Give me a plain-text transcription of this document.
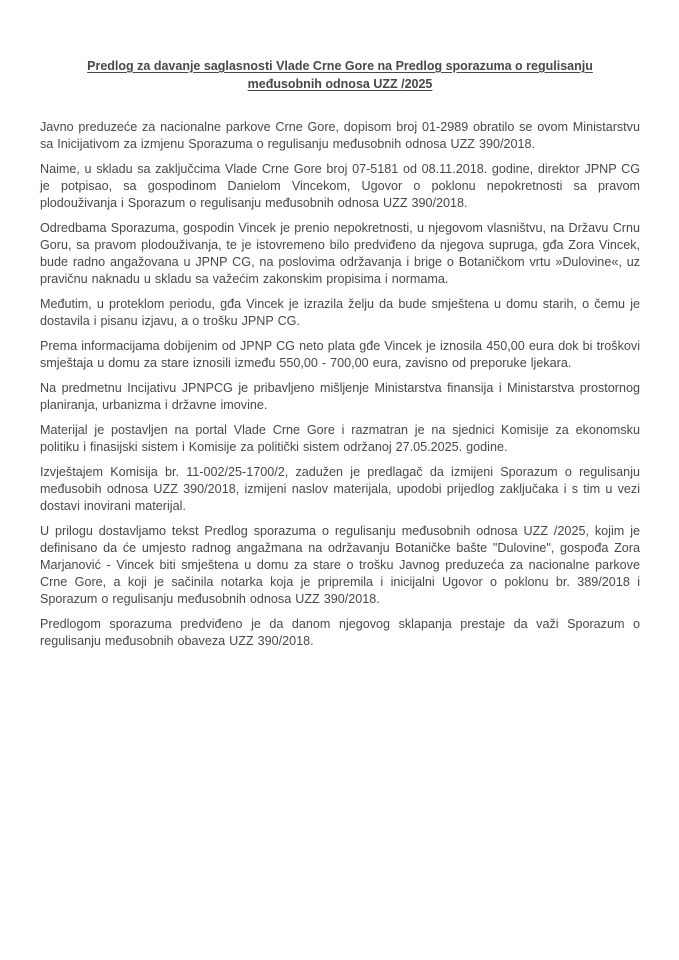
Predlog za davanje saglasnosti Vlade Crne Gore na Predlog sporazuma o regulisanju
međusobnih odnosa UZZ /2025

Javno preduzeće za nacionalne parkove Crne Gore, dopisom broj 01-2989 obratilo se ovom Ministarstvu sa Inicijativom za izmjenu Sporazuma o regulisanju međusobnih odnosa UZZ 390/2018.

Naime, u skladu sa zaključcima Vlade Crne Gore broj 07-5181 od 08.11.2018. godine, direktor JPNP CG je potpisao, sa gospodinom Danielom Vincekom, Ugovor o poklonu nepokretnosti sa pravom plodouživanja i Sporazum o regulisanju međusobnih odnosa UZZ 390/2018.

Odredbama Sporazuma, gospodin Vincek je prenio nepokretnosti, u njegovom vlasništvu, na Državu Crnu Goru, sa pravom plodouživanja, te je istovremeno bilo predviđeno da njegova supruga, gđa Zora Vincek, bude radno angažovana u JPNP CG, na poslovima održavanja i brige o Botaničkom vrtu »Dulovine«, uz pravičnu naknadu u skladu sa važećim zakonskim propisima i normama.

Međutim, u proteklom periodu, gđa Vincek je izrazila želju da bude smještena u domu starih, o čemu je dostavila i pisanu izjavu, a o trošku JPNP CG.

Prema informacijama dobijenim od JPNP CG neto plata gđe Vincek je iznosila 450,00 eura dok bi troškovi smještaja u domu za stare iznosili između 550,00 - 700,00 eura, zavisno od preporuke ljekara.

Na predmetnu Incijativu JPNPCG je pribavljeno mišljenje Ministarstva finansija i Ministarstva prostornog planiranja, urbanizma i državne imovine.

Materijal je postavljen na portal Vlade Crne Gore i razmatran je na sjednici Komisije za ekonomsku politiku i finasijski sistem i Komisije za politički sistem održanoj 27.05.2025. godine.

Izvještajem Komisija br. 11-002/25-1700/2, zadužen je predlagač da izmijeni Sporazum o regulisanju međusobih odnosa UZZ 390/2018, izmijeni naslov materijala, upodobi prijedlog zaključaka i s tim u vezi dostavi inovirani materijal.

U prilogu dostavljamo tekst Predlog sporazuma o regulisanju međusobnih odnosa UZZ /2025, kojim je definisano da će umjesto radnog angažmana na održavanju Botaničke bašte "Dulovine", gospođa Zora Marjanović - Vincek biti smještena u domu za stare o trošku Javnog preduzeća za nacionalne parkove Crne Gore, a koji je sačinila notarka koja je pripremila i inicijalni Ugovor o poklonu br. 389/2018 i Sporazum o regulisanju međusobnih odnosa UZZ 390/2018.

Predlogom sporazuma predviđeno je da danom njegovog sklapanja prestaje da važi Sporazum o regulisanju međusobnih obaveza UZZ 390/2018.
